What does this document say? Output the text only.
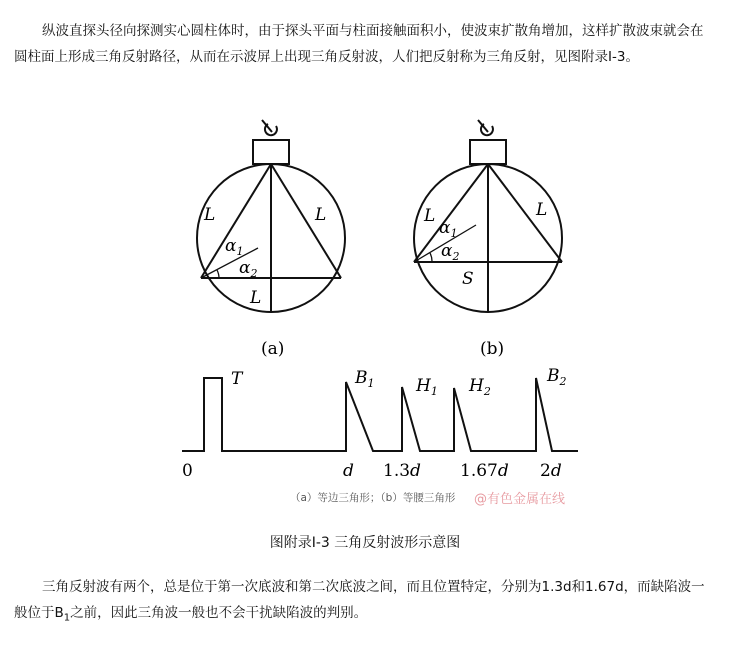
纵波直探头径向探测实心圆柱体时，由于探头平面与柱面接触面积小，使波束扩散角增加，这样扩散波束就会在圆柱面上形成三角反射路径，从而在示波屏上出现三角反射波，人们把反射称为三角反射，见图附录I-3。

L	L
L
$\alpha_1$
$\alpha_2$
(a)
L	L
S
$\alpha_1$
$\alpha_2$
(b)
T	$B_1$ $H_1$ $H_2$
$B_2$
0	d 1.3d 1.67d 2d
（a）等边三角形；（b）等腰三角形 @有色金属在线
图附录I-3 三角反射波形示意图

三角反射波有两个，总是位于第一次底波和第二次底波之间，而且位置特定，分别为1.3d和1.67d，而缺陷波一般位于$B_1$之前，因此三角波一般也不会干扰缺陷波的判别。
